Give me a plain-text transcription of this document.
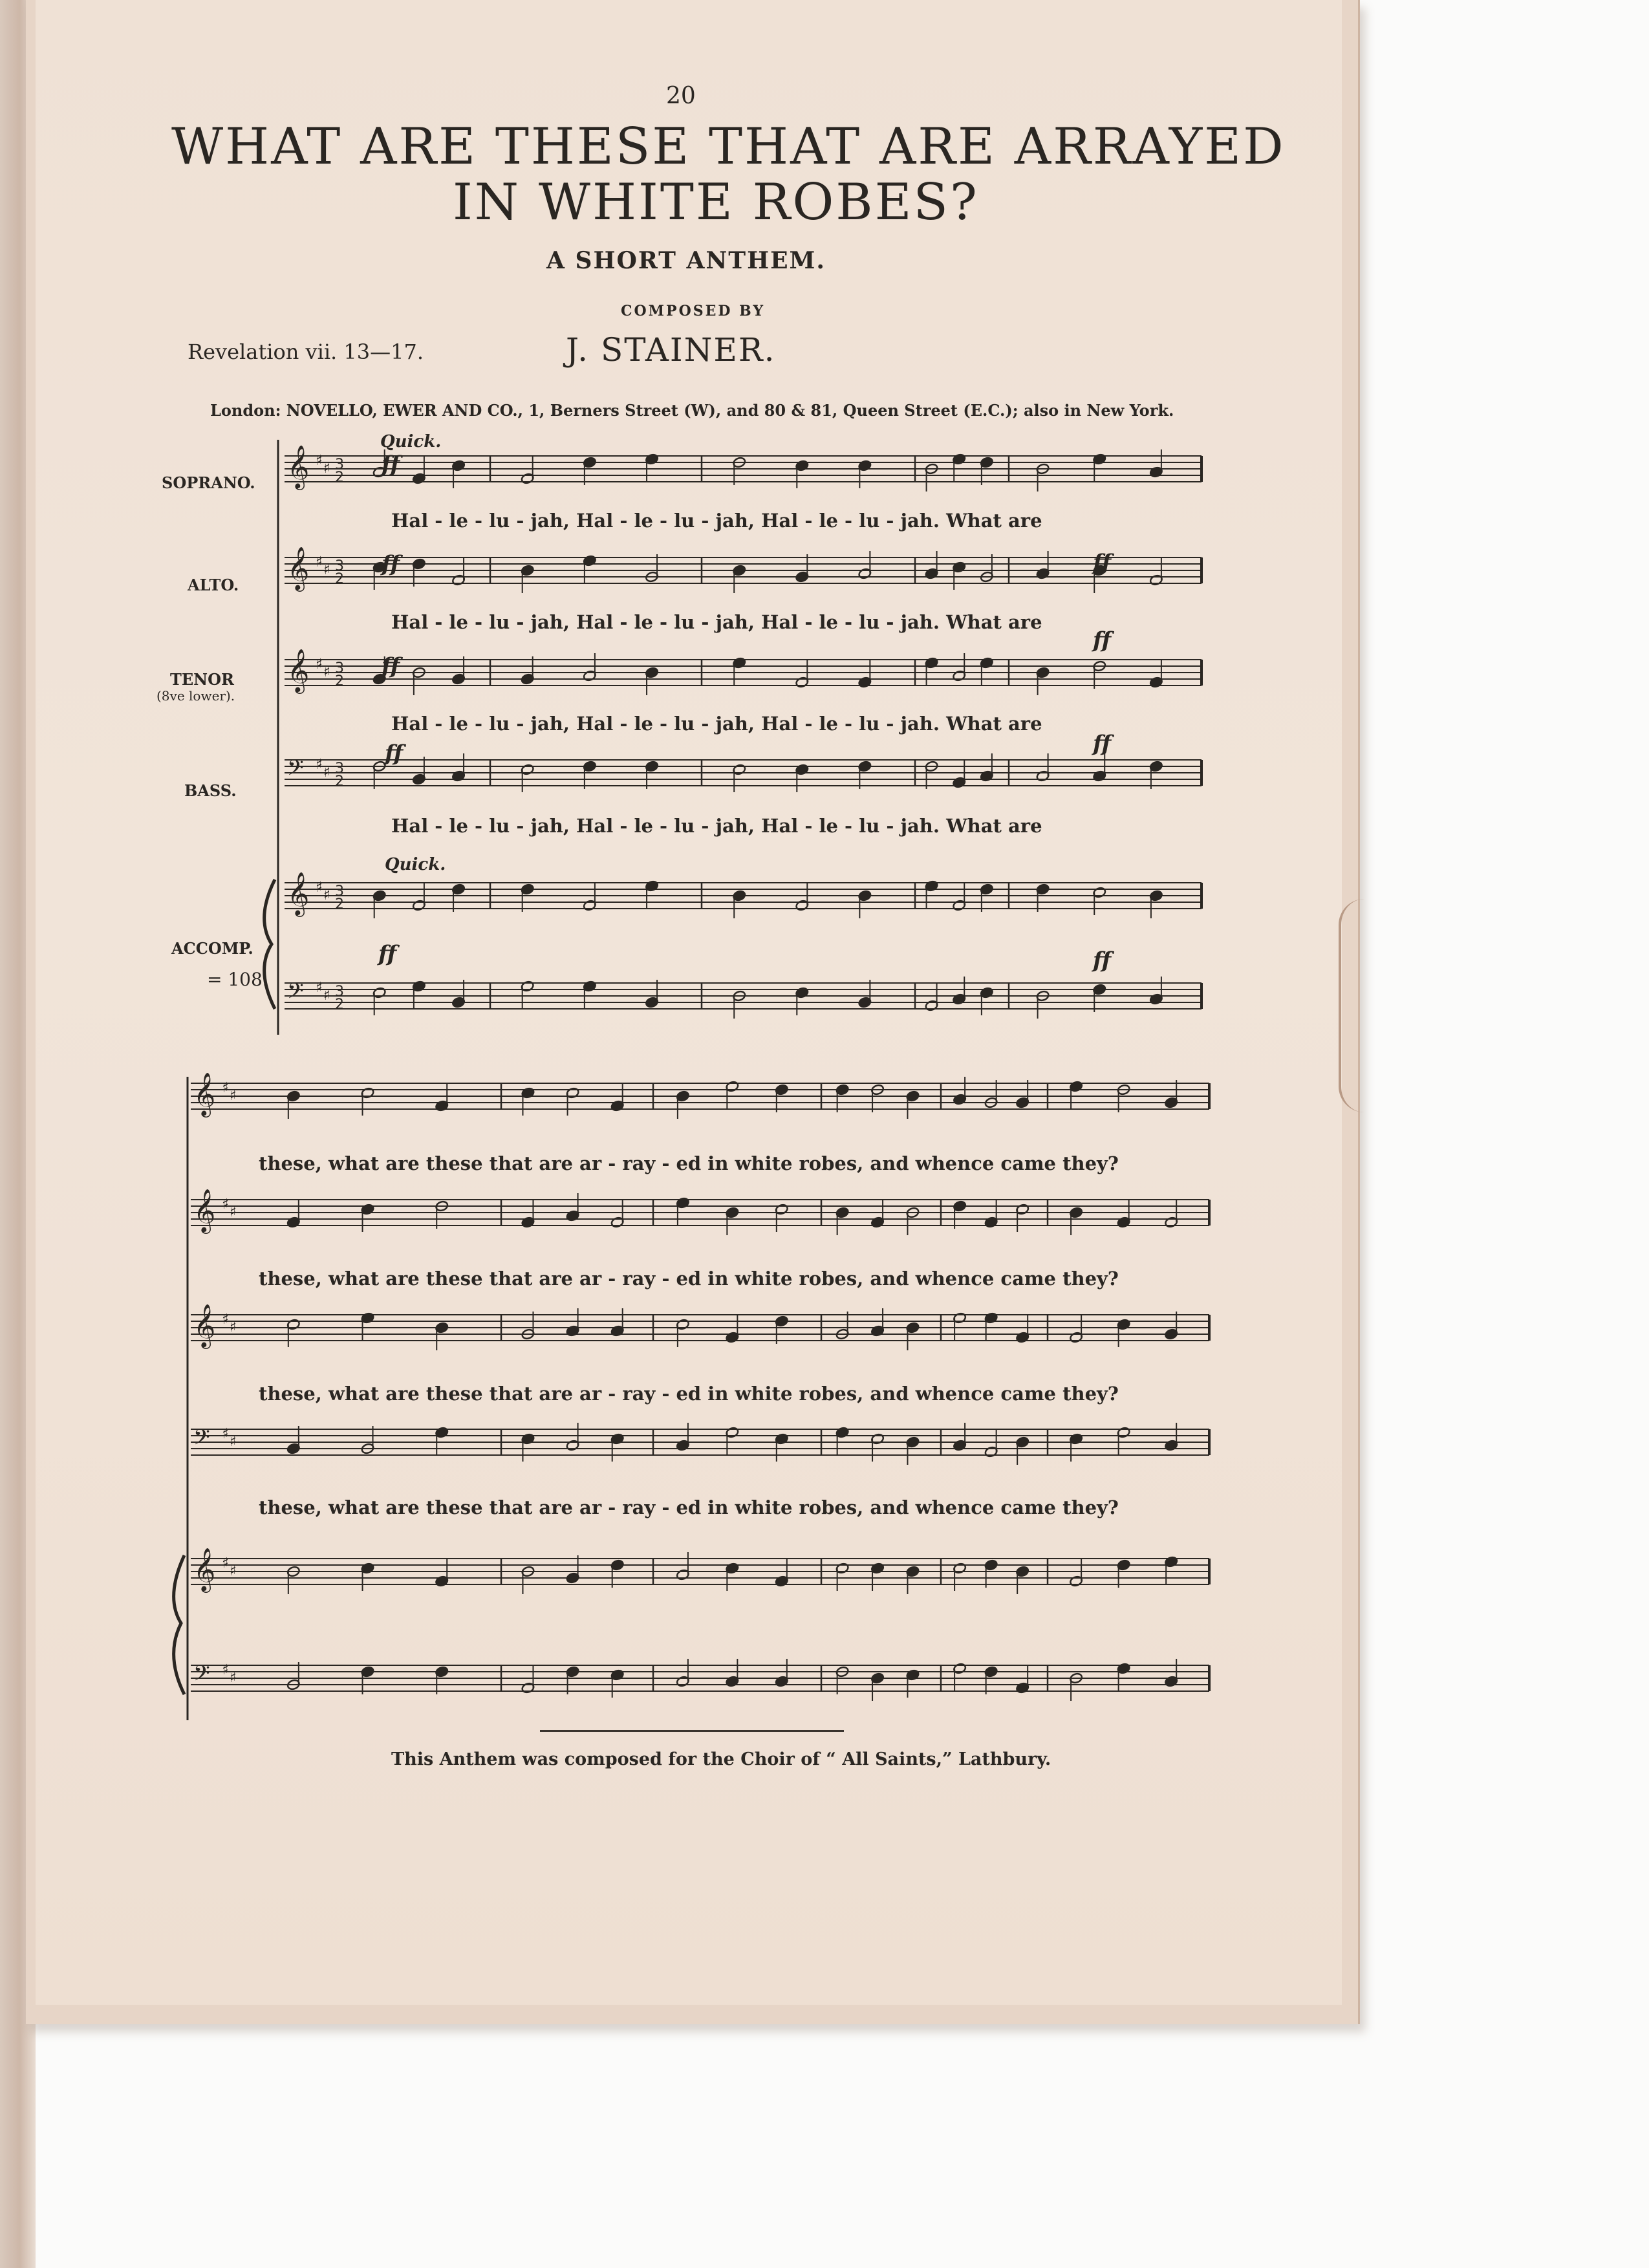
20
WHAT ARE THESE THAT ARE ARRAYED
IN WHITE ROBES?
A SHORT ANTHEM.
COMPOSED BY
Revelation vii. 13—17.	J. STAINER.
London: NOVELLO, EWER AND CO., 1, Berners Street (W), and 80 & 81, Queen Street (E.C.); also in New York.
Quick.
Quick.
SOPRANO.
ALTO.
TENOR
(8ve lower).
BASS.
ACCOMP.
= 108.
Hal - le - lu - jah, Hal - le - lu - jah, Hal - le - lu - jah. What are
Hal - le - lu - jah, Hal - le - lu - jah, Hal - le - lu - jah. What are
Hal - le - lu - jah, Hal - le - lu - jah, Hal - le - lu - jah. What are
Hal - le - lu - jah, Hal - le - lu - jah, Hal - le - lu - jah. What are
these, what are these that are ar - ray - ed in white robes, and whence came they?
these, what are these that are ar - ray - ed in white robes, and whence came they?
these, what are these that are ar - ray - ed in white robes, and whence came they?
these, what are these that are ar - ray - ed in white robes, and whence came they?
This Anthem was composed for the Choir of “ All Saints,” Lathbury.
𝄞 ♯ ♯ 3
2
𝄞 ♯ ♯ 3
2
𝄞 ♯ ♯ 3
2
𝄢 ♯ ♯ 3
2
𝄞 ♯ ♯ 3
2
𝄢 ♯ ♯ 3
2
𝄞 ♯ ♯
𝄞 ♯ ♯
𝄞 ♯ ♯
𝄢 ♯ ♯
𝄞 ♯ ♯
𝄢 ♯ ♯
ff
ff
ff
ff
ff
ff
ff
ff
ff
